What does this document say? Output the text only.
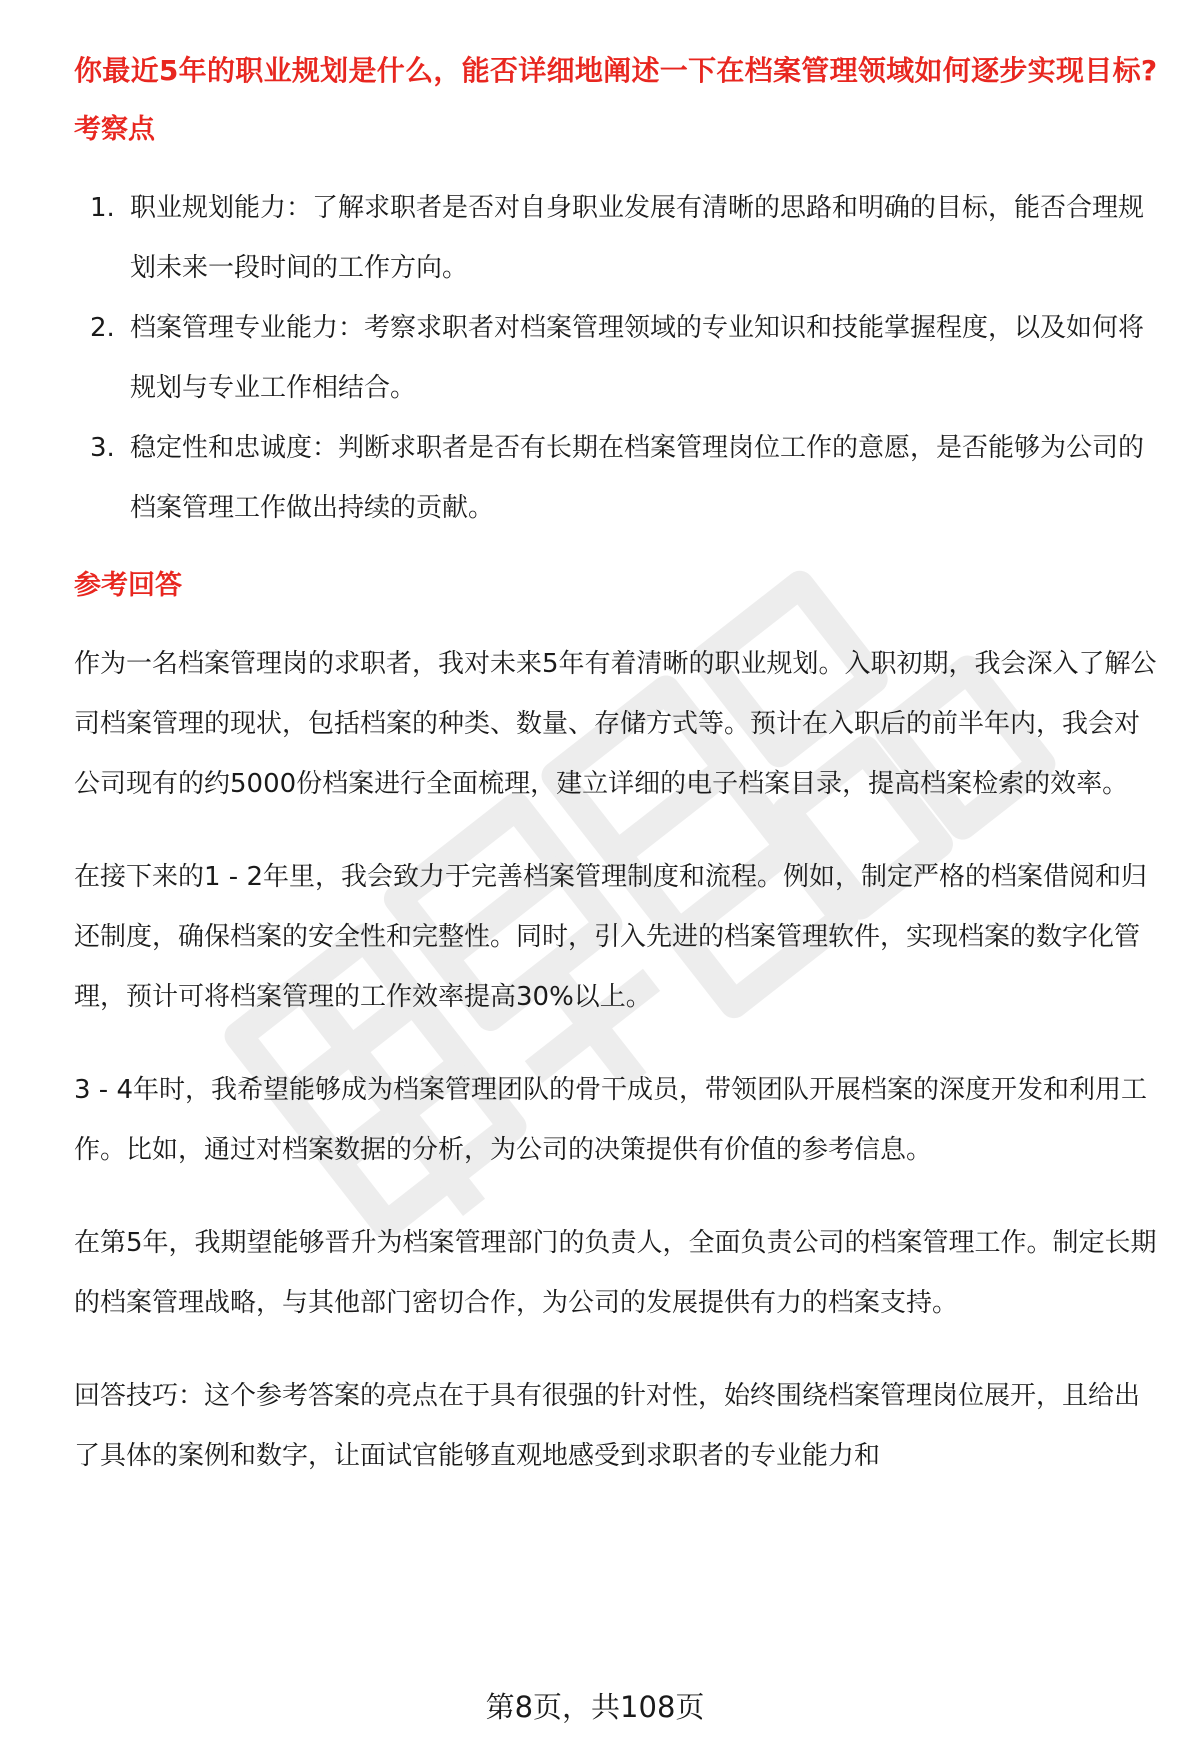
你最近5年的职业规划是什么，能否详细地阐述一下在档案管理领域如何逐步实现目标?

考察点

1. 职业规划能力：了解求职者是否对自身职业发展有清晰的思路和明确的目标，能否合理规划未来一段时间的工作方向。
2. 档案管理专业能力：考察求职者对档案管理领域的专业知识和技能掌握程度，以及如何将规划与专业工作相结合。
3. 稳定性和忠诚度：判断求职者是否有长期在档案管理岗位工作的意愿，是否能够为公司的档案管理工作做出持续的贡献。

参考回答

作为一名档案管理岗的求职者，我对未来5年有着清晰的职业规划。入职初期，我会深入了解公司档案管理的现状，包括档案的种类、数量、存储方式等。预计在入职后的前半年内，我会对公司现有的约5000份档案进行全面梳理，建立详细的电子档案目录，提高档案检索的效率。

在接下来的1 - 2年里，我会致力于完善档案管理制度和流程。例如，制定严格的档案借阅和归还制度，确保档案的安全性和完整性。同时，引入先进的档案管理软件，实现档案的数字化管理，预计可将档案管理的工作效率提高30%以上。

3 - 4年时，我希望能够成为档案管理团队的骨干成员，带领团队开展档案的深度开发和利用工作。比如，通过对档案数据的分析，为公司的决策提供有价值的参考信息。

在第5年，我期望能够晋升为档案管理部门的负责人，全面负责公司的档案管理工作。制定长期的档案管理战略，与其他部门密切合作，为公司的发展提供有力的档案支持。

回答技巧：这个参考答案的亮点在于具有很强的针对性，始终围绕档案管理岗位展开，且给出了具体的案例和数字，让面试官能够直观地感受到求职者的专业能力和

第8页，共108页
